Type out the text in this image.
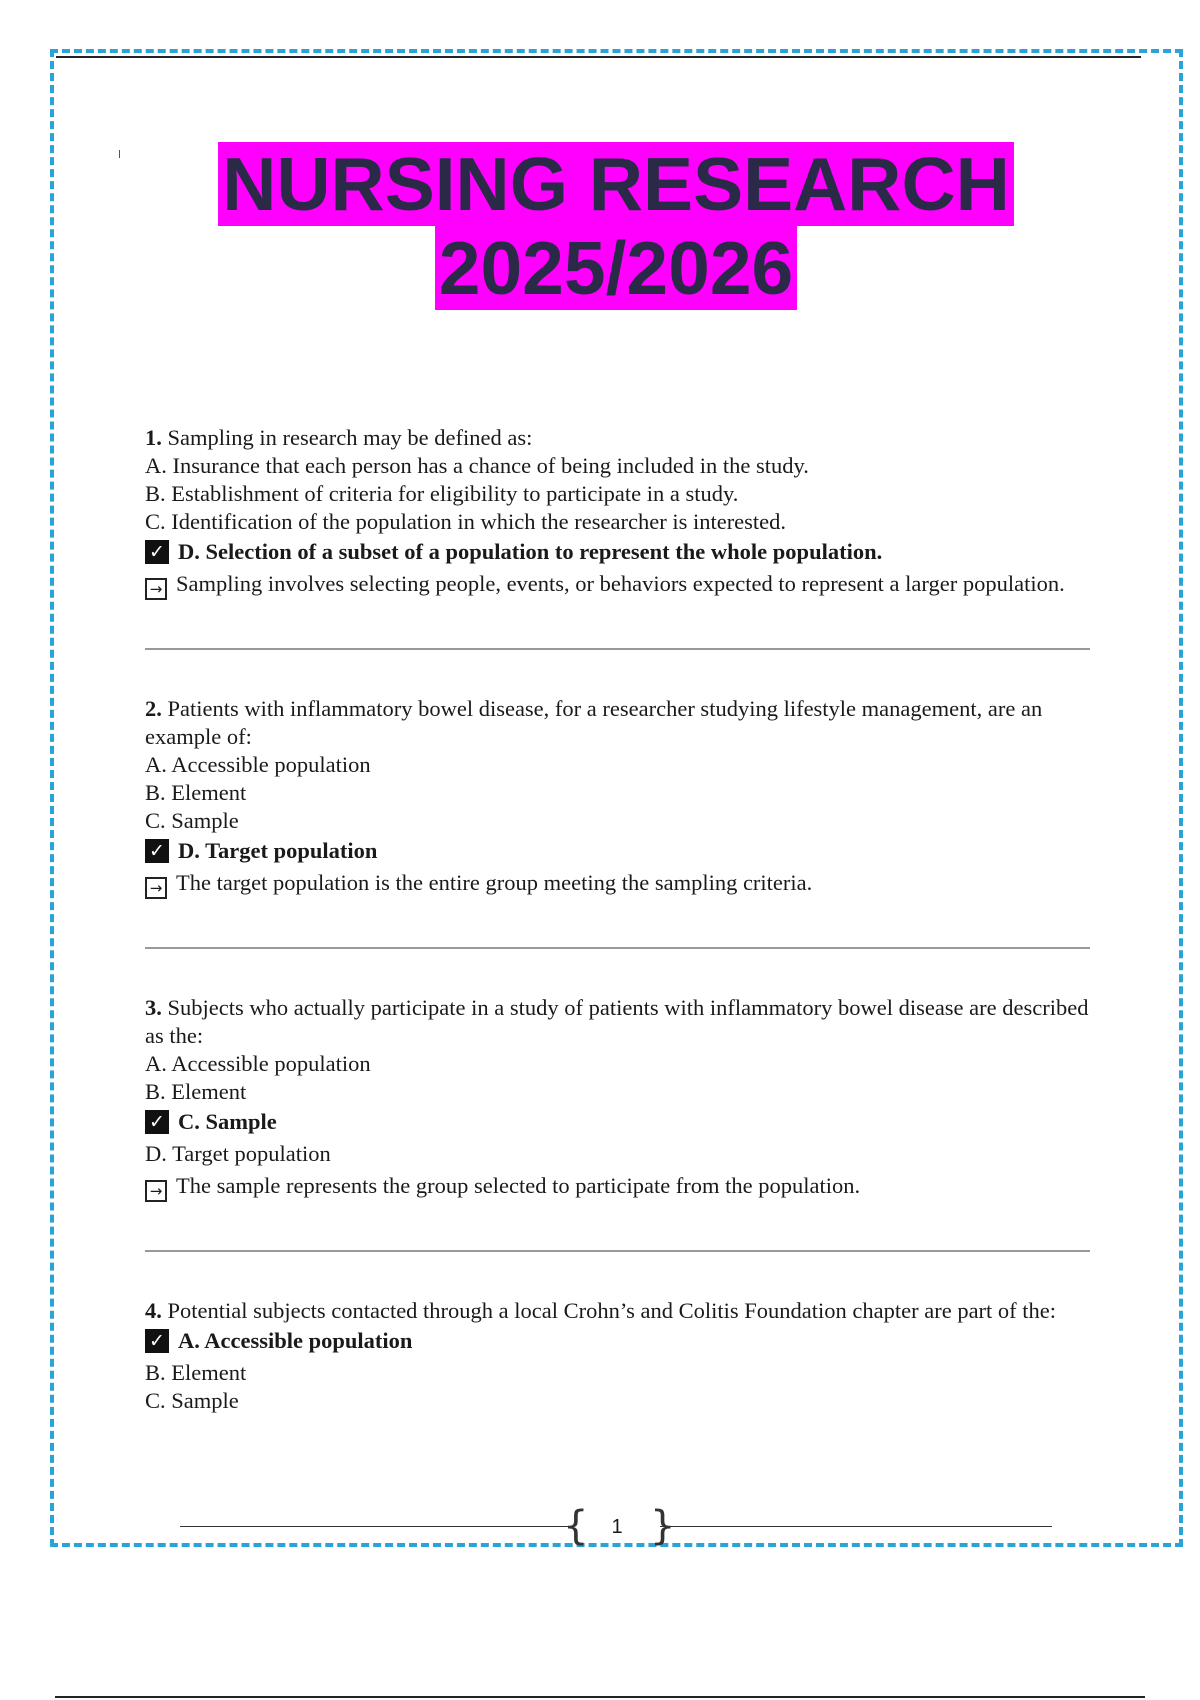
NURSING RESEARCH
2025/2026
1. Sampling in research may be defined as:
A. Insurance that each person has a chance of being included in the study.
B. Establishment of criteria for eligibility to participate in a study.
C. Identification of the population in which the researcher is interested.
✓ D. Selection of a subset of a population to represent the whole population.
→ Sampling involves selecting people, events, or behaviors expected to represent a larger population.
2. Patients with inflammatory bowel disease, for a researcher studying lifestyle management, are an example of:
A. Accessible population
B. Element
C. Sample
✓ D. Target population
→ The target population is the entire group meeting the sampling criteria.
3. Subjects who actually participate in a study of patients with inflammatory bowel disease are described as the:
A. Accessible population
B. Element
✓ C. Sample
D. Target population
→ The sample represents the group selected to participate from the population.
4. Potential subjects contacted through a local Crohn’s and Colitis Foundation chapter are part of the:
✓ A. Accessible population
B. Element
C. Sample
{	1 }
